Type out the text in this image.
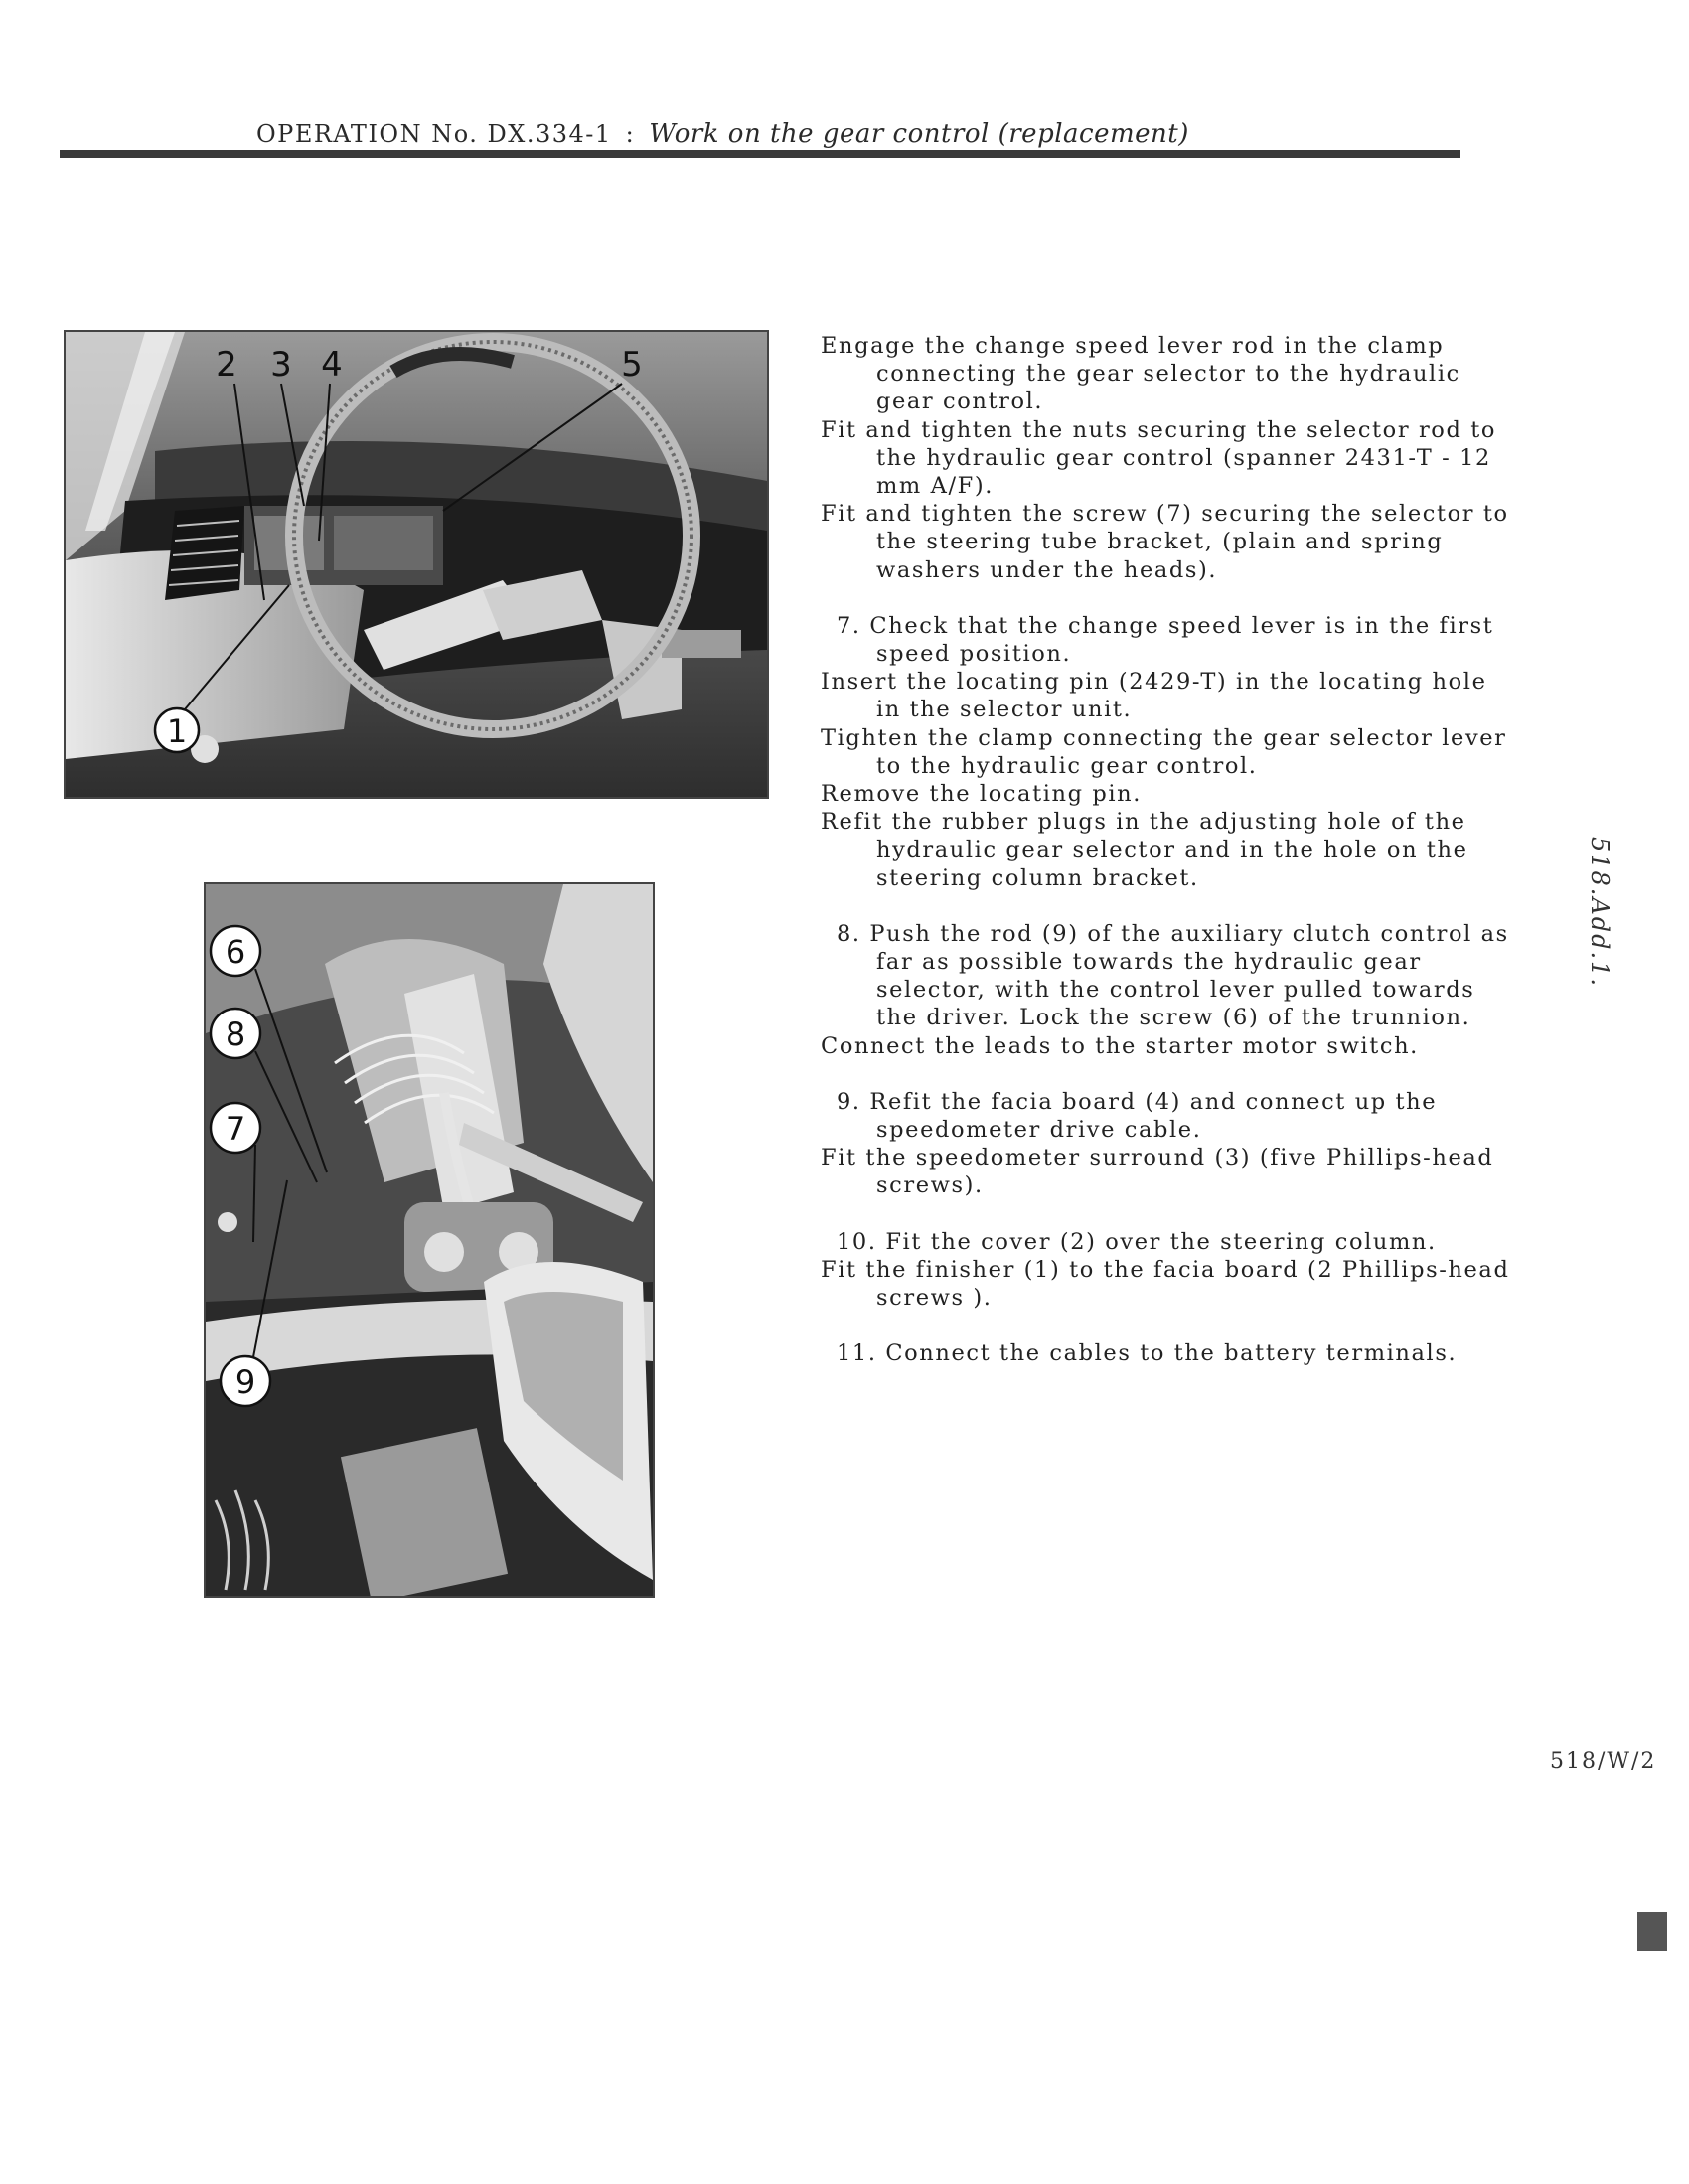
OPERATION No. DX.334-1 : Work on the gear control (replacement)
2 3 4	5
1
6
8
7
9

Engage the change speed lever rod in the clamp connecting the gear selector to the hydraulic gear control.

Fit and tighten the nuts securing the selector rod to the hydraulic gear control (spanner 2431-T - 12 mm A/F).

Fit and tighten the screw (7) securing the selector to the steering tube bracket, (plain and spring washers under the heads).

7. Check that the change speed lever is in the first speed position.

Insert the locating pin (2429-T) in the locating hole in the selector unit.

Tighten the clamp connecting the gear selector lever to the hydraulic gear control.

Remove the locating pin.

Refit the rubber plugs in the adjusting hole of the hydraulic gear selector and in the hole on the steering column bracket.

8. Push the rod (9) of the auxiliary clutch control as far as possible towards the hydraulic gear selector, with the control lever pulled towards the driver. Lock the screw (6) of the trunnion.

Connect the leads to the starter motor switch.

9. Refit the facia board (4) and connect up the speedometer drive cable.

Fit the speedometer surround (3) (five Phillips-head screws).

10. Fit the cover (2) over the steering column.

Fit the finisher (1) to the facia board (2 Phillips-head screws ).

11. Connect the cables to the battery terminals.

518.Add.1.
518/W/2
